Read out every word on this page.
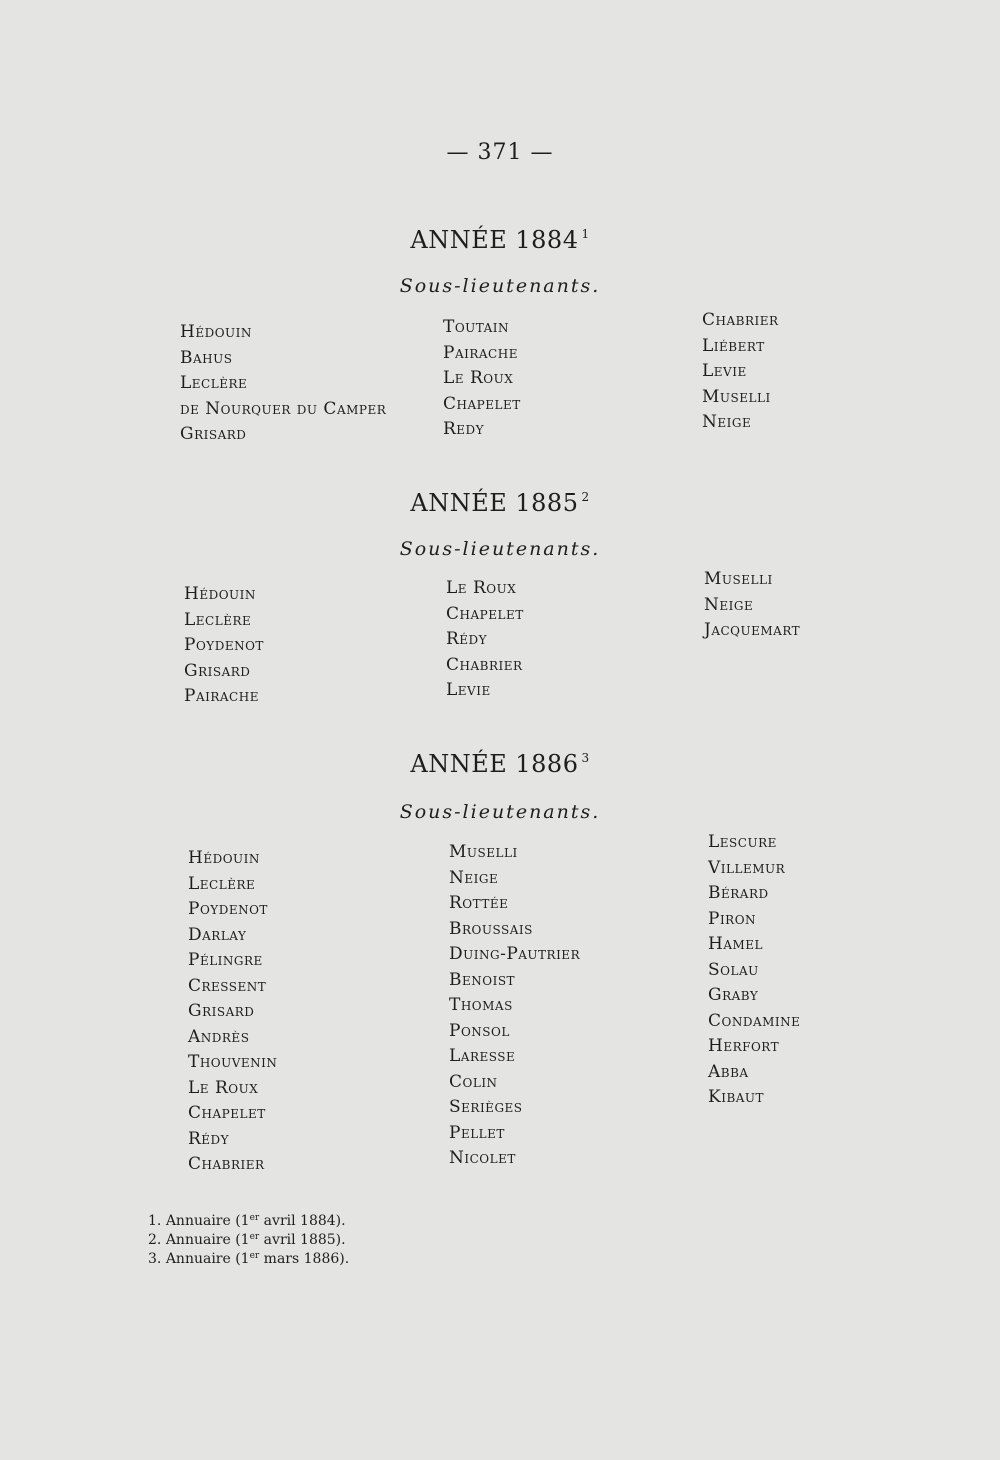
— 371 —
ANNÉE 1884 $^1$
Sous-lieutenants.
Hédouin
Bahus
Leclère
de Nourquer du Camper
Grisard
Toutain
Pairache
Le Roux
Chapelet
Redy
Chabrier
Liébert
Levie
Muselli
Neige
ANNÉE 1885 $^2$
Sous-lieutenants.
Hédouin
Leclère
Poydenot
Grisard
Pairache
Le Roux
Chapelet
Rédy
Chabrier
Levie
Muselli
Neige
Jacquemart
ANNÉE 1886 $^3$
Sous-lieutenants.
Hédouin
Leclère
Poydenot
Darlay
Pélingre
Cressent
Grisard
Andrès
Thouvenin
Le Roux
Chapelet
Rédy
Chabrier
Muselli
Neige
Rottée
Broussais
Duing-Pautrier
Benoist
Thomas
Ponsol
Laresse
Colin
Serièges
Pellet
Nicolet
Lescure
Villemur
Bérard
Piron
Hamel
Solau
Graby
Condamine
Herfort
Abba
Kibaut
1. Annuaire (1er avril 1884).
2. Annuaire (1er avril 1885).
3. Annuaire (1er mars 1886).
